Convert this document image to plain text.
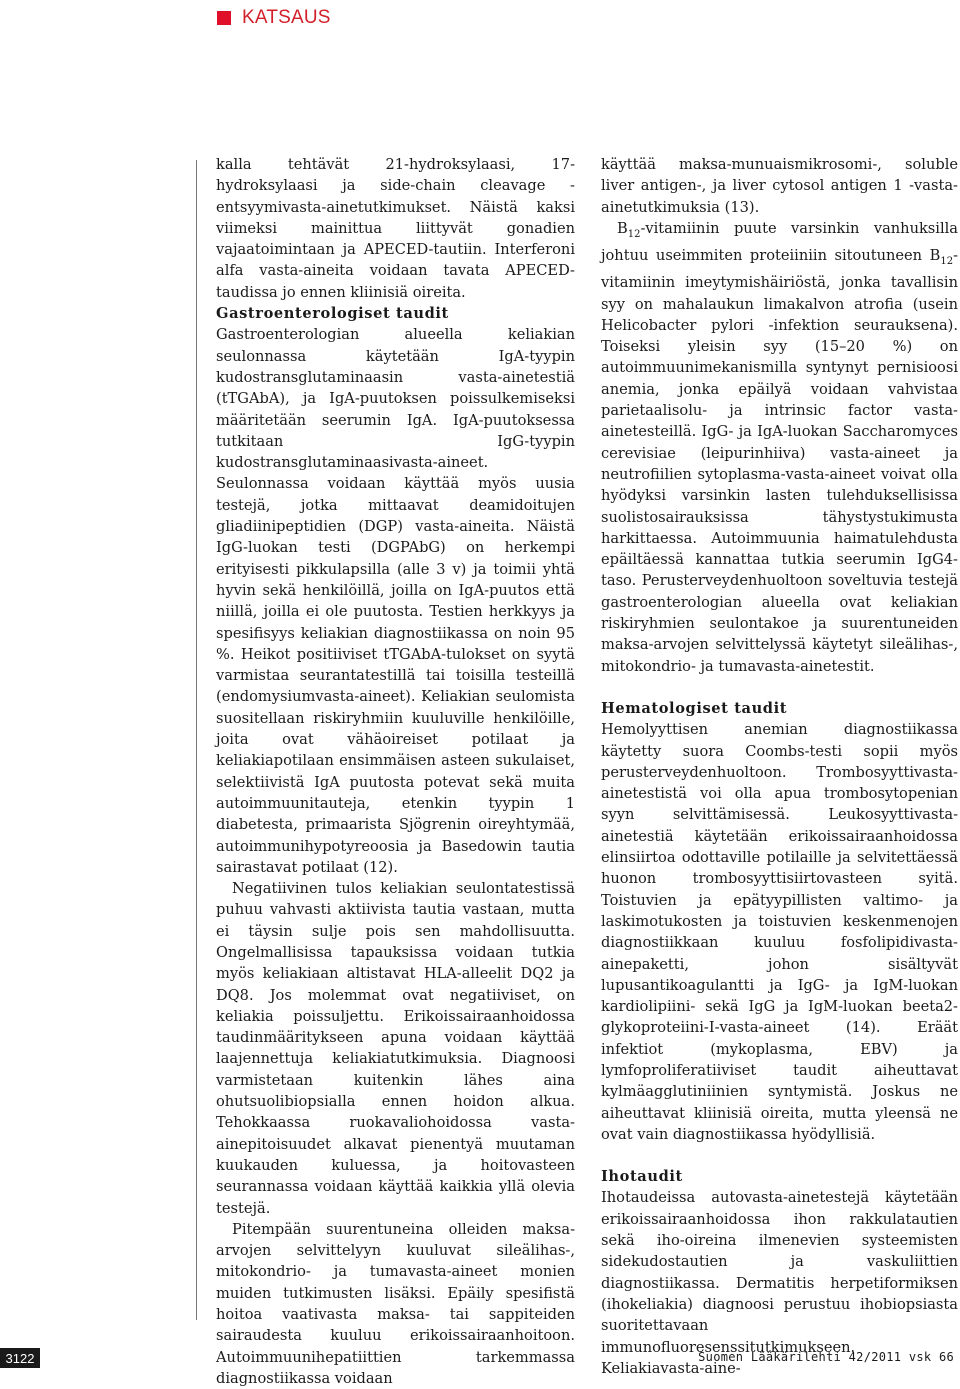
KATSAUS

kalla tehtävät 21-hydroksylaasi, 17-hydroksylaasi ja side-chain cleavage -entsyymivasta-ainetutkimukset. Näistä kaksi viimeksi mainittua liittyvät gonadien vajaatoimintaan ja APECED-tautiin. Interferoni alfa vasta-aineita voidaan tavata APECED-taudissa jo ennen kliinisiä oireita.

Gastroenterologiset taudit

Gastroenterologian alueella keliakian seulonnassa käytetään IgA-tyypin kudostransglutaminaasin vasta-ainetestiä (tTGAbA), ja IgA-puutoksen poissulkemiseksi määritetään seerumin IgA. IgA-puutoksessa tutkitaan IgG-tyypin kudostransglutaminaasivasta-aineet. Seulonnassa voidaan käyttää myös uusia testejä, jotka mittaavat deamidoitujen gliadiinipeptidien (DGP) vasta-aineita. Näistä IgG-luokan testi (DGPAbG) on herkempi erityisesti pikkulapsilla (alle 3 v) ja toimii yhtä hyvin sekä henkilöillä, joilla on IgA-puutos että niillä, joilla ei ole puutosta. Testien herkkyys ja spesifisyys keliakian diagnostiikassa on noin 95 %. Heikot positiiviset tTGAbA-tulokset on syytä varmistaa seurantatestillä tai toisilla testeillä (endomysiumvasta-aineet). Keliakian seulomista suositellaan riskiryhmiin kuuluville henkilöille, joita ovat vähäoireiset potilaat ja keliakiapotilaan ensimmäisen asteen sukulaiset, selektiivistä IgA puutosta potevat sekä muita autoimmuunitauteja, etenkin tyypin 1 diabetesta, primaarista Sjögrenin oireyhtymää, autoimmunihypotyreoosia ja Basedowin tautia sairastavat potilaat (12).

Negatiivinen tulos keliakian seulontatestissä puhuu vahvasti aktiivista tautia vastaan, mutta ei täysin sulje pois sen mahdollisuutta. Ongelmallisissa tapauksissa voidaan tutkia myös keliakiaan altistavat HLA-alleelit DQ2 ja DQ8. Jos molemmat ovat negatiiviset, on keliakia poissuljettu. Erikoissairaanhoidossa taudinmääritykseen apuna voidaan käyttää laajennettuja keliakiatutkimuksia. Diagnoosi varmistetaan kuitenkin lähes aina ohutsuolibiopsialla ennen hoidon alkua. Tehokkaassa ruokavaliohoidossa vasta-ainepitoisuudet alkavat pienentyä muutaman kuukauden kuluessa, ja hoitovasteen seurannassa voidaan käyttää kaikkia yllä olevia testejä.

Pitempään suurentuneina olleiden maksa-arvojen selvittelyyn kuuluvat sileälihas-, mitokondrio- ja tumavasta-aineet monien muiden tutkimusten lisäksi. Epäily spesifistä hoitoa vaativasta maksa- tai sappiteiden sairaudesta kuuluu erikoissairaanhoitoon. Autoimmuunihepatiittien tarkemmassa diagnostiikassa voidaan

käyttää maksa-munuaismikrosomi-, soluble liver antigen-, ja liver cytosol antigen 1 -vasta-ainetutkimuksia (13).

$B_{12}$-vitamiinin puute varsinkin vanhuksilla johtuu useimmiten proteiiniin sitoutuneen $B_{12}$-vitamiinin imeytymishäiriöstä, jonka tavallisin syy on mahalaukun limakalvon atrofia (usein Helicobacter pylori -infektion seurauksena). Toiseksi yleisin syy (15–20 %) on autoimmuunimekanismilla syntynyt pernisioosi anemia, jonka epäilyä voidaan vahvistaa parietaalisolu- ja intrinsic factor vasta-ainetesteillä. IgG- ja IgA-luokan Saccharomyces cerevisiae (leipurinhiiva) vasta-aineet ja neutrofiilien sytoplasma-vasta-aineet voivat olla hyödyksi varsinkin lasten tulehduksellisissa suolistosairauksissa tähystystukimusta harkittaessa. Autoimmuunia haimatulehdusta epäiltäessä kannattaa tutkia seerumin IgG4-taso. Perusterveydenhuoltoon soveltuvia testejä gastroenterologian alueella ovat keliakian riskiryhmien seulontakoe ja suurentuneiden maksa-arvojen selvittelyssä käytetyt sileälihas-, mitokondrio- ja tumavasta-ainetestit.

Hematologiset taudit

Hemolyyttisen anemian diagnostiikassa käytetty suora Coombs-testi sopii myös perusterveydenhuoltoon. Trombosyyttivasta-ainetestistä voi olla apua trombosytopenian syyn selvittämisessä. Leukosyyttivasta-ainetestiä käytetään erikoissairaanhoidossa elinsiirtoa odottaville potilaille ja selvitettäessä huonon trombosyyttisiirtovasteen syitä. Toistuvien ja epätyypillisten valtimo- ja laskimotukosten ja toistuvien keskenmenojen diagnostiikkaan kuuluu fosfolipidivasta-ainepaketti, johon sisältyvät lupusantikoagulantti ja IgG- ja IgM-luokan kardiolipiini- sekä IgG ja IgM-luokan beeta2-glykoproteiini-I-vasta-aineet (14). Eräät infektiot (mykoplasma, EBV) ja lymfoproliferatiiviset taudit aiheuttavat kylmäagglutiniinien syntymistä. Joskus ne aiheuttavat kliinisiä oireita, mutta yleensä ne ovat vain diagnostiikassa hyödyllisiä.

Ihotaudit

Ihotaudeissa autovasta-ainetestejä käytetään erikoissairaanhoidossa ihon rakkulatautien sekä iho-oireina ilmenevien systeemisten sidekudostautien ja vaskuliittien diagnostiikassa. Dermatitis herpetiformiksen (ihokeliakia) diagnoosi perustuu ihobiopsiasta suoritettavaan immunofluoresenssitutkimukseen. Keliakiavasta-aine-

3122	Suomen Lääkärilehti 42/2011 vsk 66
